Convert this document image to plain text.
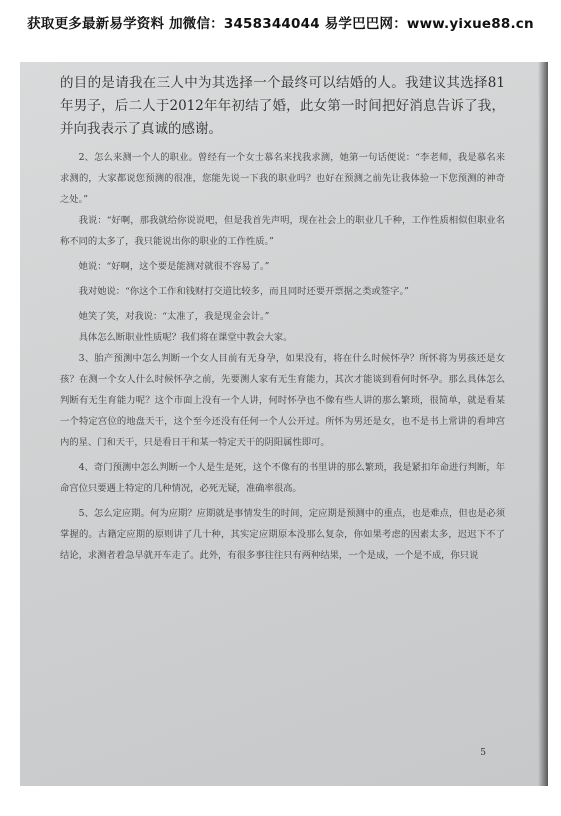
获取更多最新易学资料 加微信：3458344044 易学巴巴网：www.yixue88.cn

的目的是请我在三人中为其选择一个最终可以结婚的人。我建议其选择81年男子，后二人于2012年年初结了婚，此女第一时间把好消息告诉了我，并向我表示了真诚的感谢。

2、怎么来测一个人的职业。曾经有一个女士慕名来找我求测，她第一句话便说：“李老师，我是慕名来求测的，大家都说您预测的很准，您能先说一下我的职业吗？也好在预测之前先让我体验一下您预测的神奇之处。”

我说：“好啊，那我就给你说说吧，但是我首先声明，现在社会上的职业几千种，工作性质相似但职业名称不同的太多了，我只能说出你的职业的工作性质。”

她说：“好啊，这个要是能测对就很不容易了。”

我对她说：“你这个工作和钱财打交道比较多，而且同时还要开票据之类或签字。”

她笑了笑，对我说：“太准了，我是现金会计。”

具体怎么断职业性质呢？我们将在课堂中教会大家。

3、胎产预测中怎么判断一个女人目前有无身孕，如果没有，将在什么时候怀孕？所怀将为男孩还是女孩？在测一个女人什么时候怀孕之前，先要测人家有无生育能力，其次才能谈到看何时怀孕。那么具体怎么判断有无生育能力呢？这个市面上没有一个人讲，何时怀孕也不像有些人讲的那么繁琐，很简单，就是看某一个特定宫位的地盘天干，这个至今还没有任何一个人公开过。所怀为男还是女，也不是书上常讲的看坤宫内的星、门和天干，只是看日干和某一特定天干的阴阳属性即可。

4、奇门预测中怎么判断一个人是生是死，这个不像有的书里讲的那么繁琐，我是紧扣年命进行判断，年命宫位只要遇上特定的几种情况，必死无疑，准确率很高。

5、怎么定应期。何为应期？应期就是事情发生的时间，定应期是预测中的重点，也是难点，但也是必须掌握的。古籍定应期的原则讲了几十种，其实定应期原本没那么复杂，你如果考虑的因素太多，迟迟下不了结论，求测者着急早就开车走了。此外，有很多事往往只有两种结果，一个是成，一个是不成，你只说

5
